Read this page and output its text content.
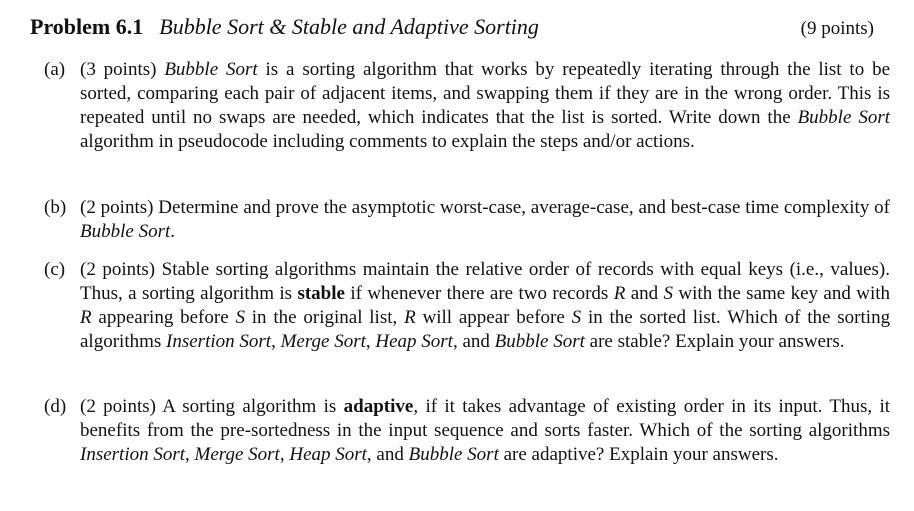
Problem 6.1 Bubble Sort & Stable and Adaptive Sorting	(9 points)
(a) (3 points) Bubble Sort is a sorting algorithm that works by repeatedly iterating through the list to be sorted, comparing each pair of adjacent items, and swapping them if they are in the wrong order. This is repeated until no swaps are needed, which indicates that the list is sorted. Write down the Bubble Sort algorithm in pseudocode including comments to explain the steps and/or actions.
(b) (2 points) Determine and prove the asymptotic worst-case, average-case, and best-case time complexity of Bubble Sort.
(c) (2 points) Stable sorting algorithms maintain the relative order of records with equal keys (i.e., values). Thus, a sorting algorithm is stable if whenever there are two records R and S with the same key and with R appearing before S in the original list, R will appear before S in the sorted list. Which of the sorting algorithms Insertion Sort, Merge Sort, Heap Sort, and Bubble Sort are stable? Explain your answers.
(d) (2 points) A sorting algorithm is adaptive, if it takes advantage of existing order in its input. Thus, it benefits from the pre-sortedness in the input sequence and sorts faster. Which of the sorting algorithms Insertion Sort, Merge Sort, Heap Sort, and Bubble Sort are adaptive? Explain your answers.
